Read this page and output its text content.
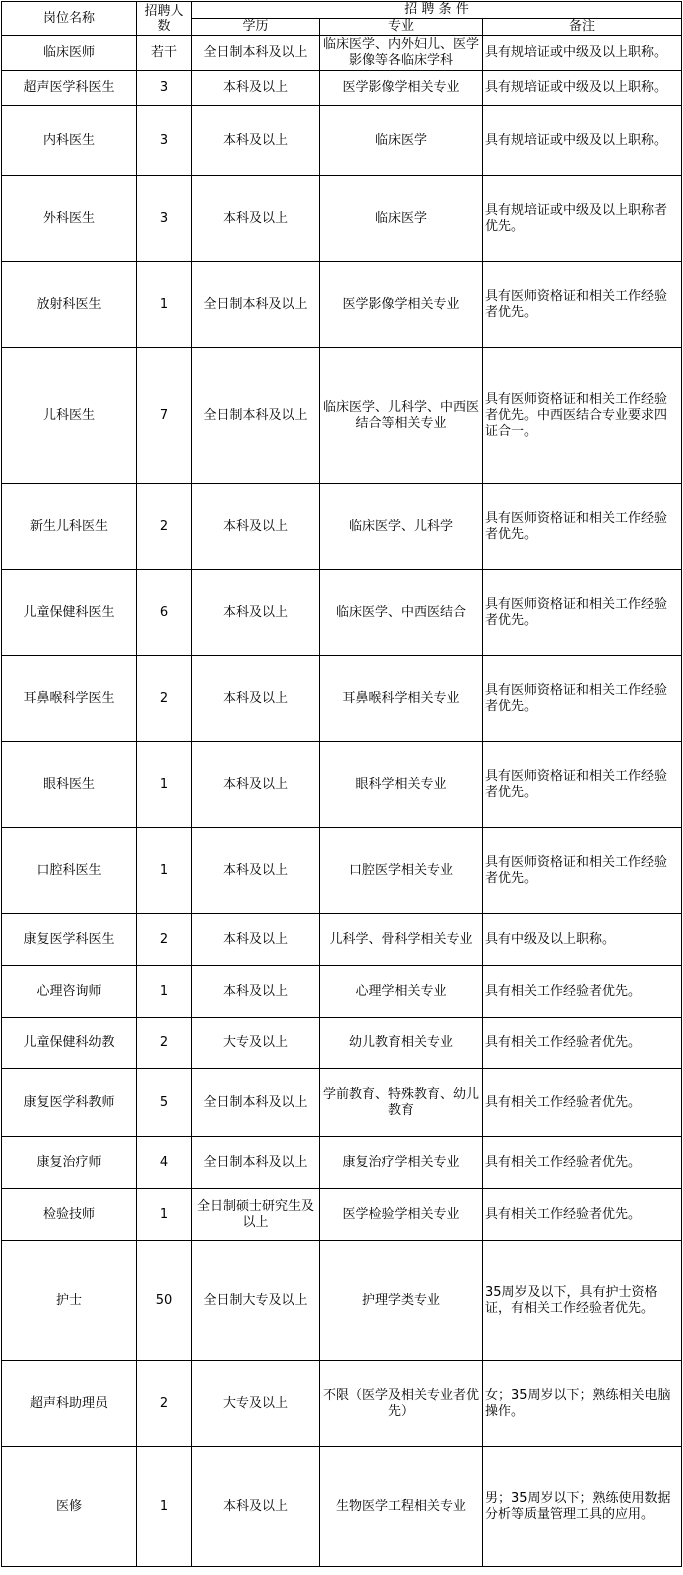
岗位名称	招聘人数	招 聘 条 件		
		学历	专业	备注
临床医师	若干	全日制本科及以上	临床医学、内外妇儿、医学影像等各临床学科	具有规培证或中级及以上职称。
超声医学科医生	3	本科及以上	医学影像学相关专业	具有规培证或中级及以上职称。
内科医生	3	本科及以上	临床医学	具有规培证或中级及以上职称。
外科医生	3	本科及以上	临床医学	具有规培证或中级及以上职称者优先。
放射科医生	1	全日制本科及以上	医学影像学相关专业	具有医师资格证和相关工作经验者优先。
儿科医生	7	全日制本科及以上	临床医学、儿科学、中西医结合等相关专业	具有医师资格证和相关工作经验者优先。中西医结合专业要求四证合一。
新生儿科医生	2	本科及以上	临床医学、儿科学	具有医师资格证和相关工作经验者优先。
儿童保健科医生	6	本科及以上	临床医学、中西医结合	具有医师资格证和相关工作经验者优先。
耳鼻喉科学医生	2	本科及以上	耳鼻喉科学相关专业	具有医师资格证和相关工作经验者优先。
眼科医生	1	本科及以上	眼科学相关专业	具有医师资格证和相关工作经验者优先。
口腔科医生	1	本科及以上	口腔医学相关专业	具有医师资格证和相关工作经验者优先。
康复医学科医生	2	本科及以上	儿科学、骨科学相关专业	具有中级及以上职称。
心理咨询师	1	本科及以上	心理学相关专业	具有相关工作经验者优先。
儿童保健科幼教	2	大专及以上	幼儿教育相关专业	具有相关工作经验者优先。
康复医学科教师	5	全日制本科及以上	学前教育、特殊教育、幼儿教育	具有相关工作经验者优先。
康复治疗师	4	全日制本科及以上	康复治疗学相关专业	具有相关工作经验者优先。
检验技师	1	全日制硕士研究生及以上	医学检验学相关专业	具有相关工作经验者优先。
护士	50	全日制大专及以上	护理学类专业	35周岁及以下，具有护士资格证，有相关工作经验者优先。
超声科助理员	2	大专及以上	不限（医学及相关专业者优先）	女；35周岁以下；熟练相关电脑操作。
医修	1	本科及以上	生物医学工程相关专业	男；35周岁以下；熟练使用数据分析等质量管理工具的应用。
